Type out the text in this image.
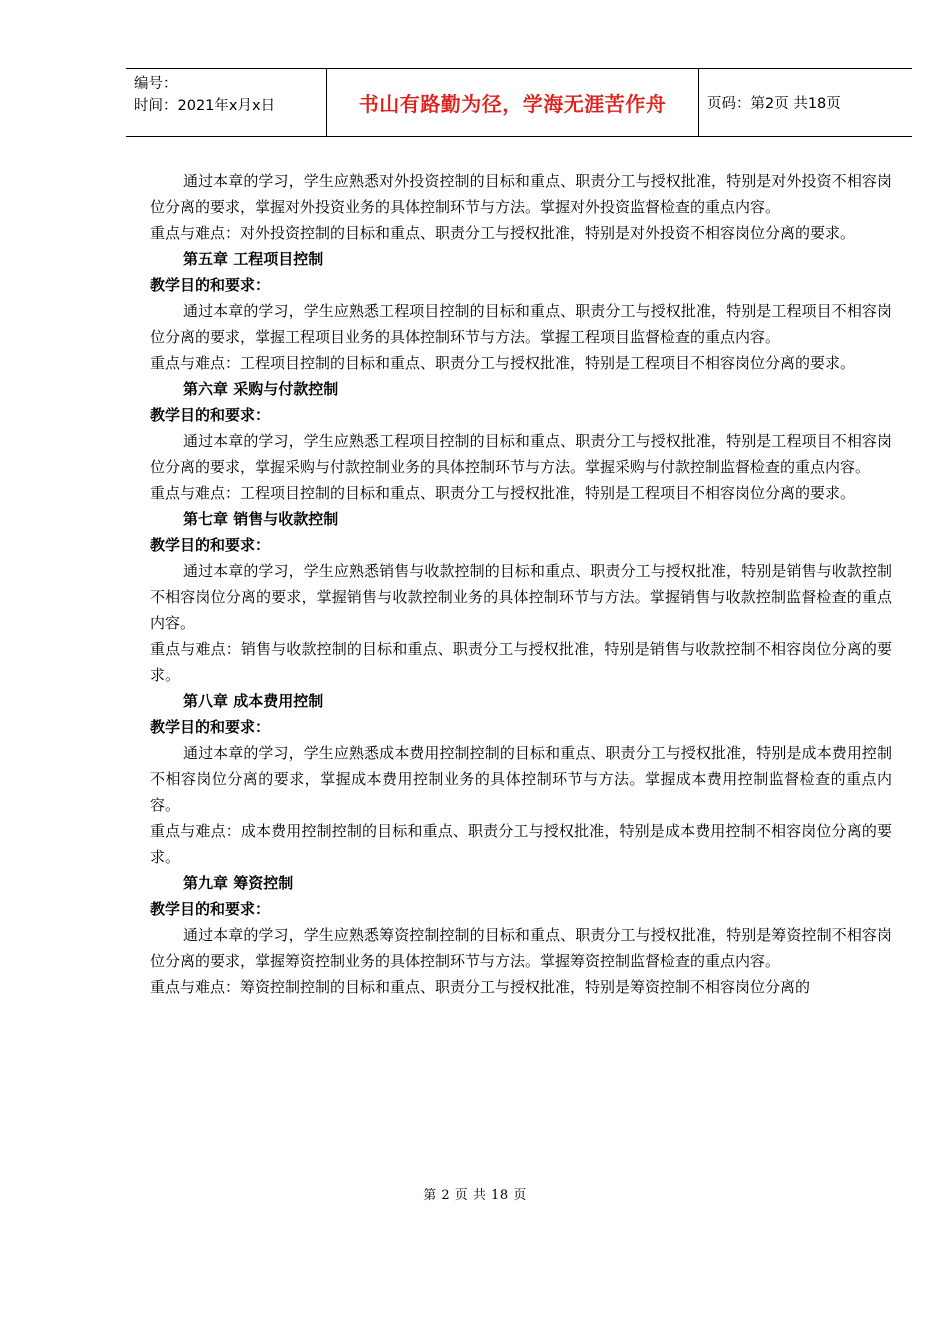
编号：
时间：2021年x月x日	书山有路勤为径，学海无涯苦作舟	页码：第2页 共18页

通过本章的学习，学生应熟悉对外投资控制的目标和重点、职责分工与授权批准，特别是对外投资不相容岗位分离的要求，掌握对外投资业务的具体控制环节与方法。掌握对外投资监督检查的重点内容。

重点与难点：对外投资控制的目标和重点、职责分工与授权批准，特别是对外投资不相容岗位分离的要求。

第五章 工程项目控制

教学目的和要求：

通过本章的学习，学生应熟悉工程项目控制的目标和重点、职责分工与授权批准，特别是工程项目不相容岗位分离的要求，掌握工程项目业务的具体控制环节与方法。掌握工程项目监督检查的重点内容。

重点与难点：工程项目控制的目标和重点、职责分工与授权批准，特别是工程项目不相容岗位分离的要求。

第六章 采购与付款控制

教学目的和要求：

通过本章的学习，学生应熟悉工程项目控制的目标和重点、职责分工与授权批准，特别是工程项目不相容岗位分离的要求，掌握采购与付款控制业务的具体控制环节与方法。掌握采购与付款控制监督检查的重点内容。

重点与难点：工程项目控制的目标和重点、职责分工与授权批准，特别是工程项目不相容岗位分离的要求。

第七章 销售与收款控制

教学目的和要求：

通过本章的学习，学生应熟悉销售与收款控制的目标和重点、职责分工与授权批准，特别是销售与收款控制不相容岗位分离的要求，掌握销售与收款控制业务的具体控制环节与方法。掌握销售与收款控制监督检查的重点内容。

重点与难点：销售与收款控制的目标和重点、职责分工与授权批准，特别是销售与收款控制不相容岗位分离的要求。

第八章 成本费用控制

教学目的和要求：

通过本章的学习，学生应熟悉成本费用控制控制的目标和重点、职责分工与授权批准，特别是成本费用控制不相容岗位分离的要求，掌握成本费用控制业务的具体控制环节与方法。掌握成本费用控制监督检查的重点内容。

重点与难点：成本费用控制控制的目标和重点、职责分工与授权批准，特别是成本费用控制不相容岗位分离的要求。

第九章 筹资控制

教学目的和要求：

通过本章的学习，学生应熟悉筹资控制控制的目标和重点、职责分工与授权批准，特别是筹资控制不相容岗位分离的要求，掌握筹资控制业务的具体控制环节与方法。掌握筹资控制监督检查的重点内容。

重点与难点：筹资控制控制的目标和重点、职责分工与授权批准，特别是筹资控制不相容岗位分离的

第 2 页 共 18 页
